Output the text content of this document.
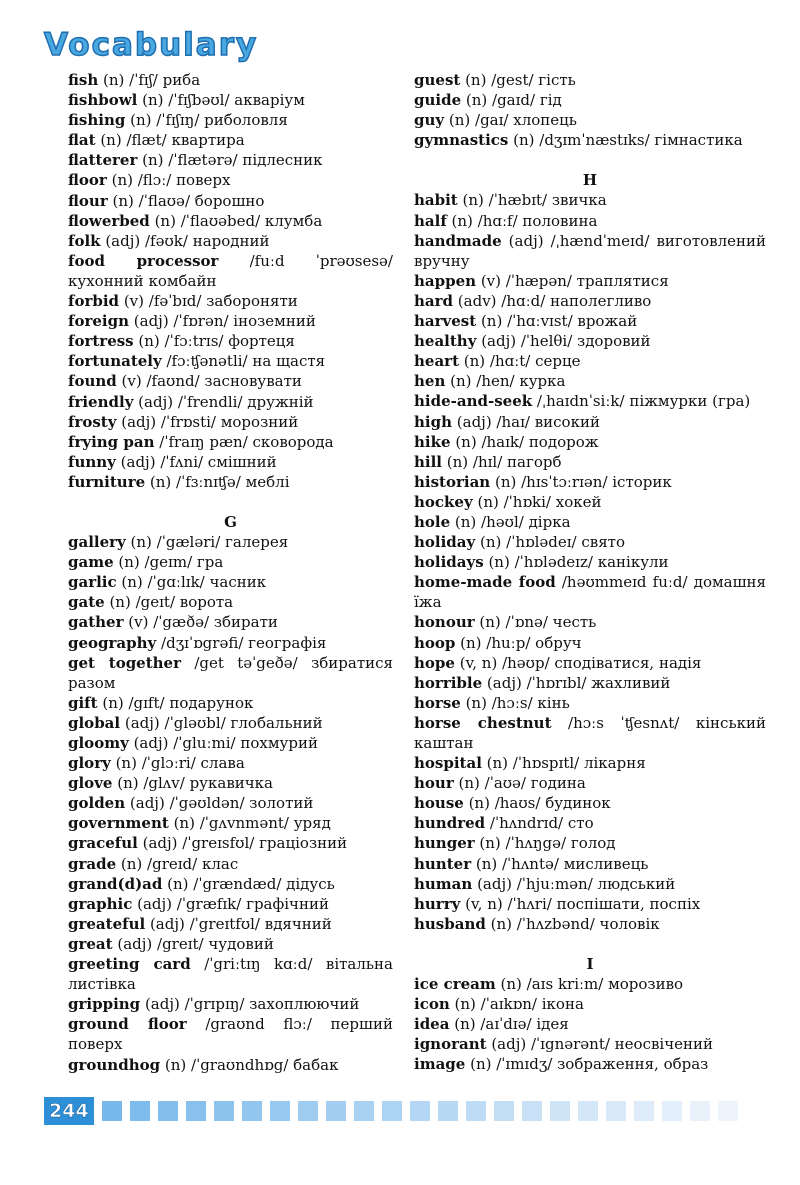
Vocabulary
fish (n) /ˈfɪʃ/ риба
fishbowl (n) /ˈfɪʃbəʊl/ акваріум
fishing (n) /ˈfɪʃɪŋ/ риболовля
flat (n) /flæt/ квартира
flatterer (n) /ˈflætərə/ підлесник
floor (n) /flɔː/ поверх
flour (n) /ˈflaʊə/ борошно
flowerbed (n) /ˈflaʊəbed/ клумба
folk (adj) /fəʊk/ народний
food processor /fuːd ˈprəʊsesə/ кухонний комбайн
forbid (v) /fəˈbɪd/ забороняти
foreign (adj) /ˈfɒrən/ іноземний
fortress (n) /ˈfɔːtrɪs/ фортеця
fortunately /fɔːʧənətli/ на щастя
found (v) /faʊnd/ засновувати
friendly (adj) /ˈfrendli/ дружній
frosty (adj) /ˈfrɒsti/ морозний
frying pan /ˈfraɪŋ pæn/ сковорода
funny (adj) /ˈfʌni/ смішний
furniture (n) /ˈfɜːnɪʧə/ меблі
G
gallery (n) /ˈgæləri/ галерея
game (n) /geɪm/ гра
garlic (n) /ˈgɑːlɪk/ часник
gate (n) /geɪt/ ворота
gather (v) /ˈgæðə/ збирати
geography /dʒɪˈɒgrəfi/ географія
get together /get təˈgeðə/ збиратися разом
gift (n) /gɪft/ подарунок
global (adj) /ˈgləʊbl/ глобальний
gloomy (adj) /ˈgluːmi/ похмурий
glory (n) /ˈglɔːri/ слава
glove (n) /glʌv/ рукавичка
golden (adj) /ˈgəʊldən/ золотий
government (n) /ˈgʌvnmənt/ уряд
graceful (adj) /ˈgreɪsfʊl/ граціозний
grade (n) /greɪd/ клас
grand(d)ad (n) /ˈgrændæd/ дідусь
graphic (adj) /ˈgræfɪk/ графічний
greateful (adj) /ˈgreɪtfʊl/ вдячний
great (adj) /greɪt/ чудовий
greeting card /ˈgriːtɪŋ kɑːd/ вітальна листівка
gripping (adj) /ˈgrɪpɪŋ/ захоплюючий
ground floor /graʊnd flɔː/ перший поверх
groundhog (n) /ˈgraʊndhɒg/ бабак
guest (n) /gest/ гість
guide (n) /gaɪd/ гід
guy (n) /gaɪ/ хлопець
gymnastics (n) /dʒɪmˈnæstɪks/ гімнастика
H
habit (n) /ˈhæbɪt/ звичка
half (n) /hɑːf/ половина
handmade (adj) /ˌhændˈmeɪd/ виготовлений вручну
happen (v) /ˈhæpən/ траплятися
hard (adv) /hɑːd/ наполегливо
harvest (n) /ˈhɑːvɪst/ врожай
healthy (adj) /ˈhelθi/ здоровий
heart (n) /hɑːt/ серце
hen (n) /hen/ курка
hide-and-seek /ˌhaɪdnˈsiːk/ піжмурки (гра)
high (adj) /haɪ/ високий
hike (n) /haɪk/ подорож
hill (n) /hɪl/ пагорб
historian (n) /hɪsˈtɔːrɪən/ історик
hockey (n) /ˈhɒki/ хокей
hole (n) /həʊl/ дірка
holiday (n) /ˈhɒlədeɪ/ свято
holidays (n) /ˈhɒlədeɪz/ канікули
home-made food /həʊmmeɪd fuːd/ домашня їжа
honour (n) /ˈɒnə/ честь
hoop (n) /huːp/ обруч
hope (v, n) /həʊp/ сподіватися, надія
horrible (adj) /ˈhɒrɪbl/ жахливий
horse (n) /hɔːs/ кінь
horse chestnut /hɔːs ˈʧesnʌt/ кінський каштан
hospital (n) /ˈhɒspɪtl/ лікарня
hour (n) /ˈaʊə/ година
house (n) /haʊs/ будинок
hundred /ˈhʌndrɪd/ сто
hunger (n) /ˈhʌŋgə/ голод
hunter (n) /ˈhʌntə/ мисливець
human (adj) /ˈhjuːmən/ людський
hurry (v, n) /ˈhʌri/ поспішати, поспіх
husband (n) /ˈhʌzbənd/ чоловік
I
ice cream (n) /aɪs kriːm/ морозиво
icon (n) /ˈaɪkɒn/ ікона
idea (n) /aɪˈdɪə/ ідея
ignorant (adj) /ˈɪgnərənt/ неосвічений
image (n) /ˈɪmɪdʒ/ зображення, образ
244
